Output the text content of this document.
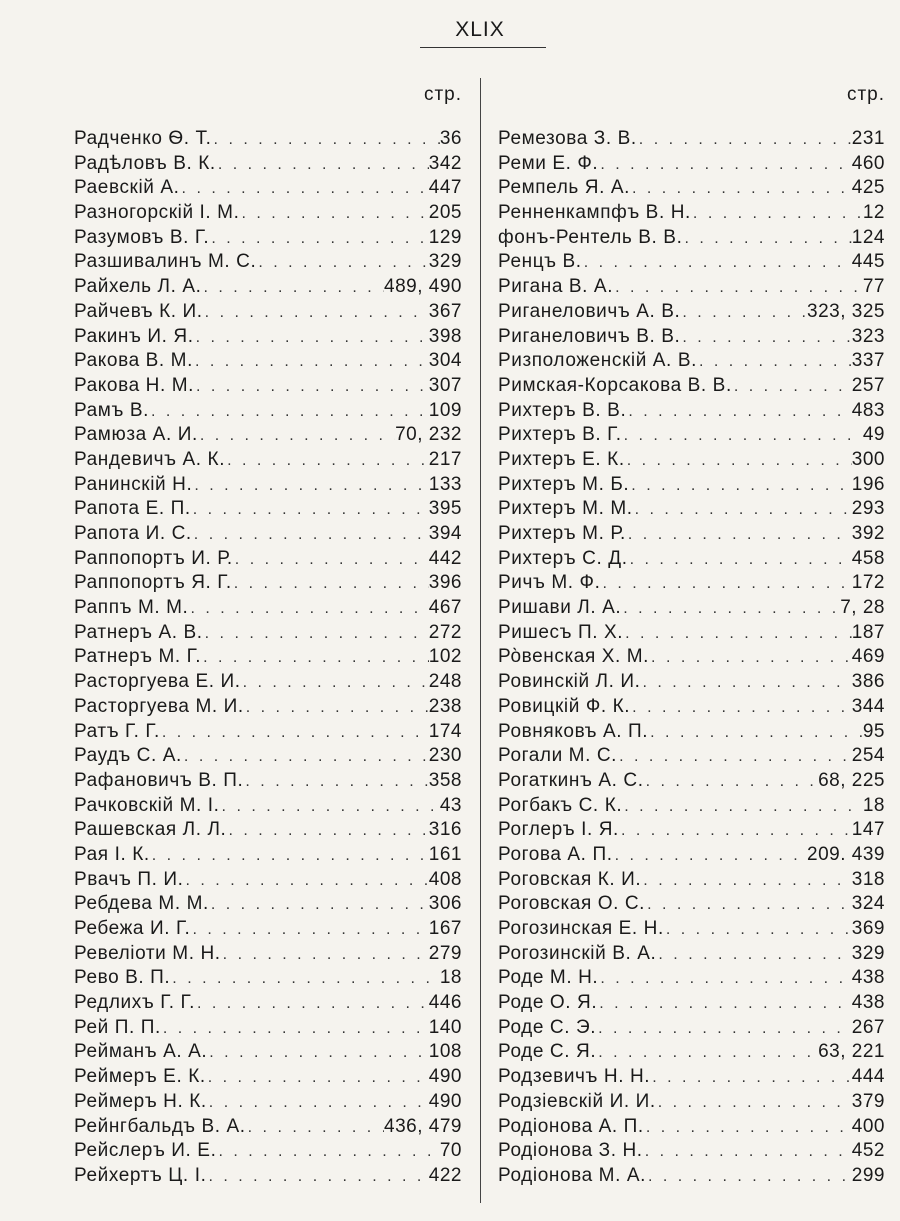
XLIX
стр.
Радченко Ѳ. Т. . . .	36
Радѣловъ В. К. . . .	342
Раевскій А. . . .	447
Разногорскій І. М. . . .	205
Разумовъ В. Г. . . .	129
Разшивалинъ М. С. . . .	329
Райхель Л. А. . . .	489, 490
Райчевъ К. И. . . .	367
Ракинъ И. Я. . . .	398
Ракова В. М. . . .	304
Ракова Н. М. . . .	307
Рамъ В. . . .	109
Рамюза А. И. . . .	70, 232
Рандевичъ А. К. . . .	217
Ранинскій Н. . . .	133
Рапота Е. П. . . .	395
Рапота И. С. . . .	394
Раппопортъ И. Р. . . .	442
Раппопортъ Я. Г. . . .	396
Раппъ М. М. . . .	467
Ратнеръ А. В. . . .	272
Ратнеръ М. Г. . . .	102
Расторгуева Е. И. . . .	248
Расторгуева М. И. . . .	238
Ратъ Г. Г. . . .	174
Раудъ С. А. . . .	230
Рафановичъ В. П. . . .	358
Рачковскій М. І. . . .	43
Рашевская Л. Л. . . .	316
Рая І. К. . . .	161
Рвачъ П. И. . . .	408
Ребдева М. М. . . .	306
Ребежа И. Г. . . .	167
Ревеліоти М. Н. . . .	279
Рево В. П. . . .	18
Редлихъ Г. Г. . . .	446
Рей П. П. . . .	140
Рейманъ А. А. . . .	108
Реймеръ Е. К. . . .	490
Реймеръ Н. К. . . .	490
Рейнгбальдъ В. А. . . .	436, 479
Рейслеръ И. Е. . . .	70
Рейхертъ Ц. І. . . .	422
стр.
Ремезова З. В. . . .	231
Реми Е. Ф. . . .	460
Ремпель Я. А. . . .	425
Ренненкампфъ В. Н. . . .	12
фонъ-Рентель В. В. . . .	124
Ренцъ В. . . .	445
Ригана В. А. . . .	77
Риганеловичъ А. В. . . .	323, 325
Риганеловичъ В. В. . . .	323
Ризположенскій А. В. . . .	337
Римская-Корсакова В. В. . . .	257
Рихтеръ В. В. . . .	483
Рихтеръ В. Г. . . .	49
Рихтеръ Е. К. . . .	300
Рихтеръ М. Б. . . .	196
Рихтеръ М. М. . . .	293
Рихтеръ М. Р. . . .	392
Рихтеръ С. Д. . . .	458
Ричъ М. Ф. . . .	172
Ришави Л. А. . . .	7, 28
Ришесъ П. Х. . . .	187
Ро̀венская Х. М. . . .	469
Ровинскій Л. И. . . .	386
Ровицкій Ф. К. . . .	344
Ровняковъ А. П. . . .	95
Рогали М. С. . . .	254
Рогаткинъ А. С. . . .	68, 225
Рогбакъ С. К. . . .	18
Роглеръ І. Я. . . .	147
Рогова А. П. . . .	209. 439
Роговская К. И. . . .	318
Роговская О. С. . . .	324
Рогозинская Е. Н. . . .	369
Рогозинскій В. А. . . .	329
Роде М. Н. . . .	438
Роде О. Я. . . .	438
Роде С. Э. . . .	267
Роде С. Я. . . .	63, 221
Родзевичъ Н. Н. . . .	444
Родзіевскій И. И. . . .	379
Родіонова А. П. . . .	400
Родіонова З. Н. . . .	452
Родіонова М. А. . . .	299
